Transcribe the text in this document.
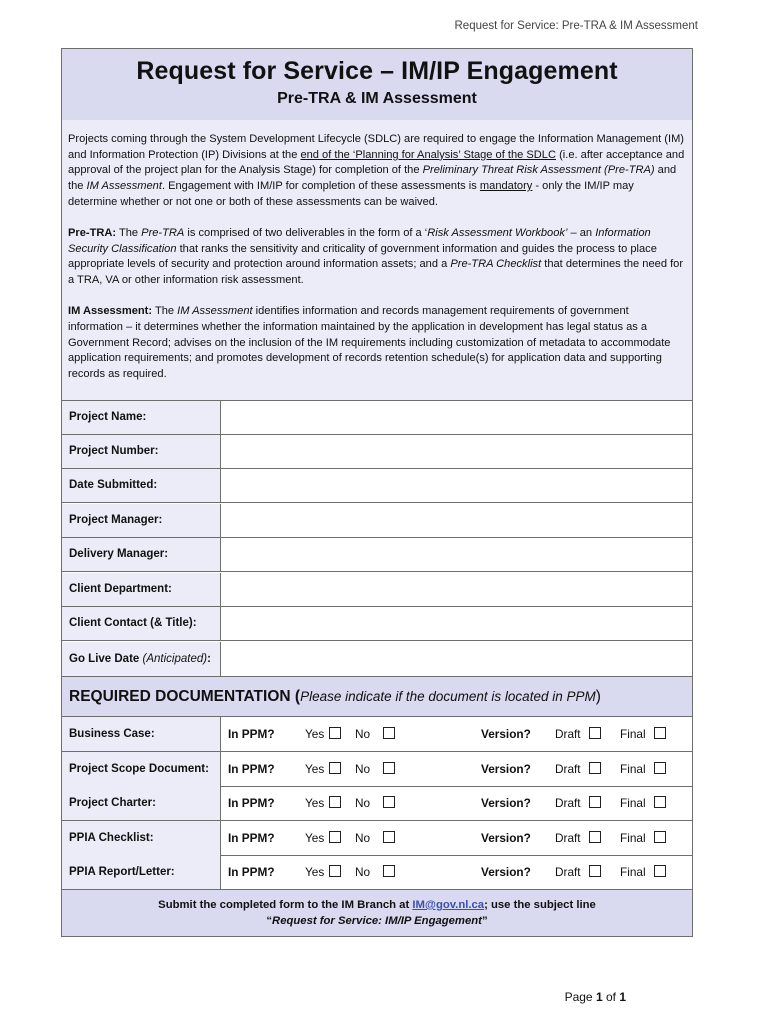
Request for Service: Pre-TRA & IM Assessment
Request for Service – IM/IP Engagement
Pre-TRA & IM Assessment

Projects coming through the System Development Lifecycle (SDLC) are required to engage the Information Management (IM) and Information Protection (IP) Divisions at the end of the ‘Planning for Analysis’ Stage of the SDLC (i.e. after acceptance and approval of the project plan for the Analysis Stage) for completion of the Preliminary Threat Risk Assessment (Pre-TRA) and the IM Assessment. Engagement with IM/IP for completion of these assessments is mandatory - only the IM/IP may determine whether or not one or both of these assessments can be waived.

Pre-TRA: The Pre-TRA is comprised of two deliverables in the form of a ‘Risk Assessment Workbook’ – an Information Security Classification that ranks the sensitivity and criticality of government information and guides the process to place appropriate levels of security and protection around information assets; and a Pre-TRA Checklist that determines the need for a TRA, VA or other information risk assessment.

IM Assessment: The IM Assessment identifies information and records management requirements of government information – it determines whether the information maintained by the application in development has legal status as a Government Record; advises on the inclusion of the IM requirements including customization of metadata to accommodate application requirements; and promotes development of records retention schedule(s) for application data and supporting records as required.

Project Name:
Project Number:
Date Submitted:
Project Manager:
Delivery Manager:
Client Department:
Client Contact (& Title):
Go Live Date (Anticipated):
REQUIRED DOCUMENTATION (Please indicate if the document is located in PPM)
Business Case:	In PPM?	Yes	No	Version? Draft	Final
Project Scope Document:	In PPM?	Yes	No	Version? Draft	Final
Project Charter:	In PPM?	Yes	No	Version? Draft	Final
PPIA Checklist:	In PPM?	Yes	No	Version? Draft	Final
PPIA Report/Letter:	In PPM?	Yes	No	Version? Draft	Final
Submit the completed form to the IM Branch at IM@gov.nl.ca; use the subject line
“Request for Service: IM/IP Engagement”
Page 1 of 1
